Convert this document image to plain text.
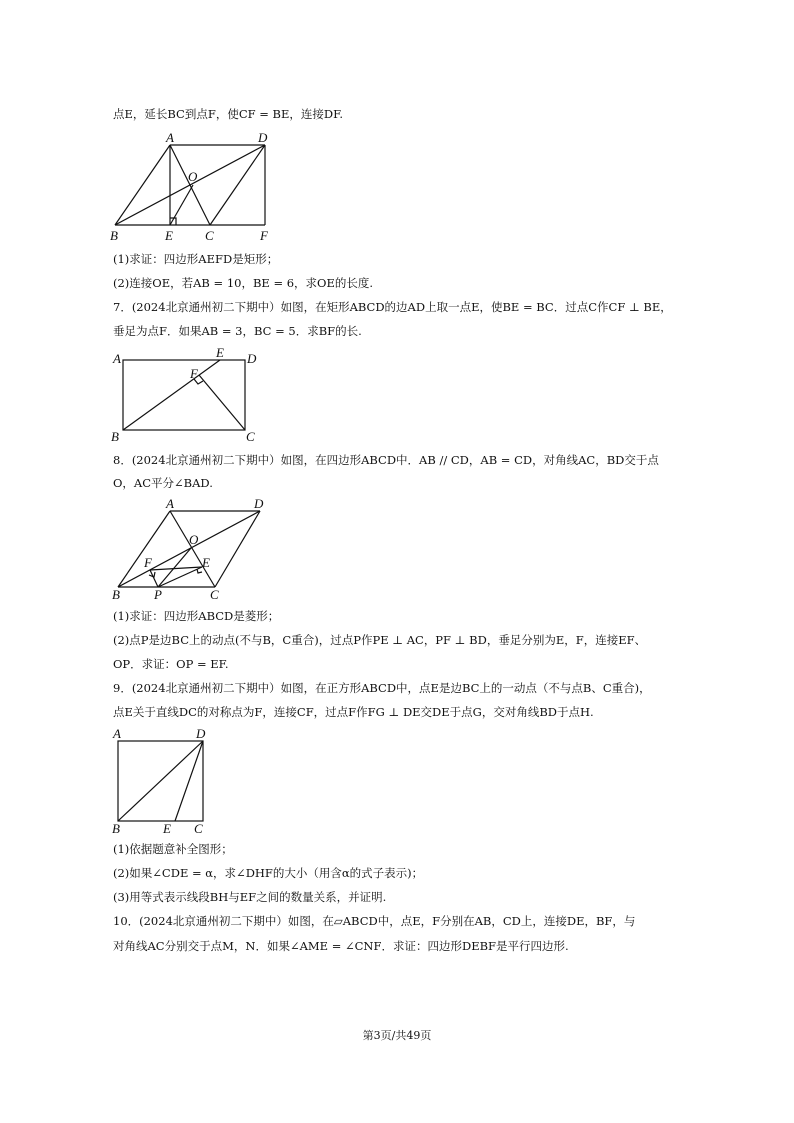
点E，延长BC到点F，使CF = BE，连接DF.
A	D
O
B	E C	F
(1)求证：四边形AEFD是矩形；
(2)连接OE，若AB = 10，BE = 6，求OE的长度.
7．(2024北京通州初二下期中）如图，在矩形ABCD的边AD上取一点E，使BE = BC．过点C作CF ⊥ BE，
垂足为点F．如果AB = 3，BC = 5．求BF的长.
A	E D
F
B	C
8．(2024北京通州初二下期中）如图，在四边形ABCD中．AB // CD，AB = CD，对角线AC，BD交于点
O，AC平分∠BAD.
A	D
O
F	E
B	P	C
(1)求证：四边形ABCD是菱形；
(2)点P是边BC上的动点(不与B，C重合)，过点P作PE ⊥ AC，PF ⊥ BD，垂足分别为E，F，连接EF、
OP．求证：OP = EF.
9．(2024北京通州初二下期中）如图，在正方形ABCD中，点E是边BC上的一动点（不与点B、C重合)，
点E关于直线DC的对称点为F，连接CF，过点F作FG ⊥ DE交DE于点G，交对角线BD于点H.
A	D
B	E C
(1)依据题意补全图形；
(2)如果∠CDE = α，求∠DHF的大小（用含α的式子表示)；
(3)用等式表示线段BH与EF之间的数量关系，并证明.
10．(2024北京通州初二下期中）如图，在▱ABCD中，点E，F分别在AB，CD上，连接DE，BF，与
对角线AC分别交于点M，N．如果∠AME = ∠CNF．求证：四边形DEBF是平行四边形.
第3页/共49页
